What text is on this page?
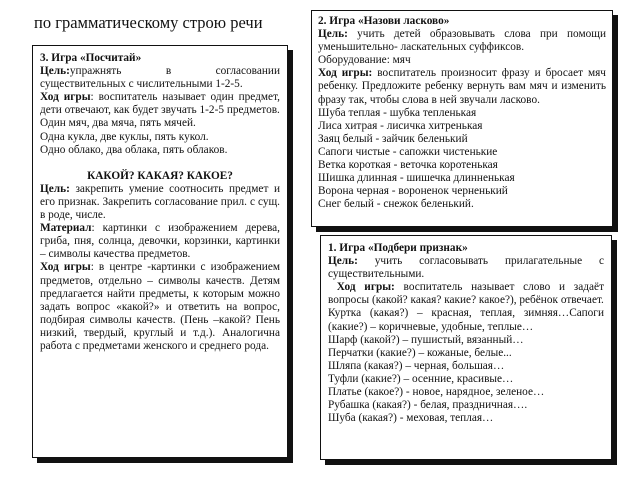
по грамматическому строю речи

3. Игра «Посчитай»

Цель:упражнять в согласовании существительных с числительными 1-2-5.

Ход игры: воспитатель называет один предмет, дети отвечают, как будет звучать 1-2-5 предметов.

Один мяч, два мяча, пять мячей.

Одна кукла, две куклы, пять кукол.

Одно облако, два облака, пять облаков.

КАКОЙ? КАКАЯ? КАКОЕ?

Цель: закрепить умение соотносить предмет и его признак. Закрепить согласование прил. с сущ. в роде, числе.

Материал: картинки с изображением дерева, гриба, пня, солнца, девочки, корзинки, картинки – символы качества предметов.

Ход игры: в центре -картинки с изображением предметов, отдельно – символы качеств. Детям предлагается найти предметы, к которым можно задать вопрос «какой?» и ответить на вопрос, подбирая символы качеств. (Пень –какой? Пень низкий, твердый, круглый и т.д.). Аналогична работа с предметами женского и среднего рода.

2. Игра «Назови ласково»

Цель: учить детей образовывать слова при помощи уменьшительно- ласкательных суффиксов.

Оборудование: мяч

Ход игры: воспитатель произносит фразу и бросает мяч ребенку. Предложите ребенку вернуть вам мяч и изменить фразу так, чтобы слова в ней звучали ласково.

Шуба теплая - шубка тепленькая

Лиса хитрая - лисичка хитренькая

Заяц белый - зайчик беленький

Сапоги чистые - сапожки чистенькие

Ветка короткая - веточка коротенькая

Шишка длинная - шишечка длинненькая

Ворона черная - вороненок черненький

Снег белый - снежок беленький.

1. Игра «Подбери признак»

Цель: учить согласовывать прилагательные с существительными.

Ход игры: воспитатель называет слово и задаёт вопросы (какой? какая? какие? какое?), ребёнок отвечает.

Куртка (какая?) – красная, теплая, зимняя…Сапоги (какие?) – коричневые, удобные, теплые…

Шарф (какой?) – пушистый, вязанный…

Перчатки (какие?) – кожаные, белые...

Шляпа (какая?) – черная, большая…

Туфли (какие?) – осенние, красивые…

Платье (какое?) - новое, нарядное, зеленое…

Рубашка (какая?) - белая, праздничная….

Шуба (какая?) - меховая, теплая…
